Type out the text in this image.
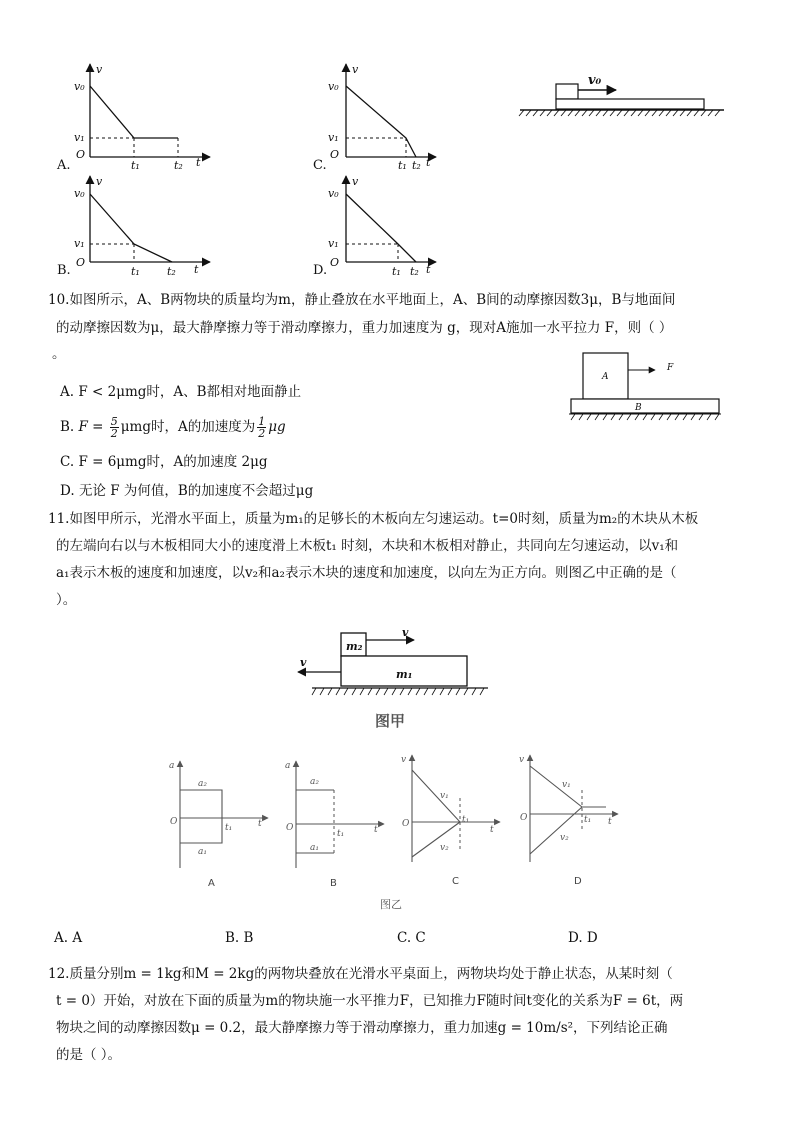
v
v₀
v₁
O
t₁	t₂ t
A.
v
v₀
v₁
O
t₁ t₂ t
B.
v
v₀
v₁
O
t₁ t₂ t
C.
v
v₀
v₁
O
t₁ t₂ t
D.
v₀
10.如图所示，A、B两物块的质量均为m，静止叠放在水平地面上，A、B间的动摩擦因数3μ，B与地面间
的动摩擦因数为μ，最大静摩擦力等于滑动摩擦力，重力加速度为 g，现对A施加一水平拉力 F，则（ ）
。
A. F < 2μmg时，A、B都相对地面静止
B. $F = \frac{5}{2}$ μmg时，A的加速度为 $\frac{1}{2}$ μg
C. F = 6μmg时，A的加速度 2μg
D. 无论 F 为何值，B的加速度不会超过μg
A
B
F
11.如图甲所示，光滑水平面上，质量为m₁的足够长的木板向左匀速运动。t=0时刻，质量为m₂的木块从木板
的左端向右以与木板相同大小的速度滑上木板t₁ 时刻，木块和木板相对静止，共同向左匀速运动，以v₁和
a₁表示木板的速度和加速度，以v₂和a₂表示木块的速度和加速度，以向左为正方向。则图乙中正确的是（
）。
m₂
m₁
v
v
图甲
a
a₂
a₁
O
t₁	t
A
a
a₂
a₁
O
t₁	t
B
v
v₁
v₂
O	t₁
t
C
v
v₁
v₂
O	t₁ t
D
图乙
A. A	B. B	C. C	D. D
12.质量分别m = 1kg和M = 2kg的两物块叠放在光滑水平桌面上，两物块均处于静止状态，从某时刻（
t = 0）开始，对放在下面的质量为m的物块施一水平推力F，已知推力F随时间t变化的关系为F = 6t，两
物块之间的动摩擦因数μ = 0.2，最大静摩擦力等于滑动摩擦力，重力加速g = 10m/s²，下列结论正确
的是（ ）。
